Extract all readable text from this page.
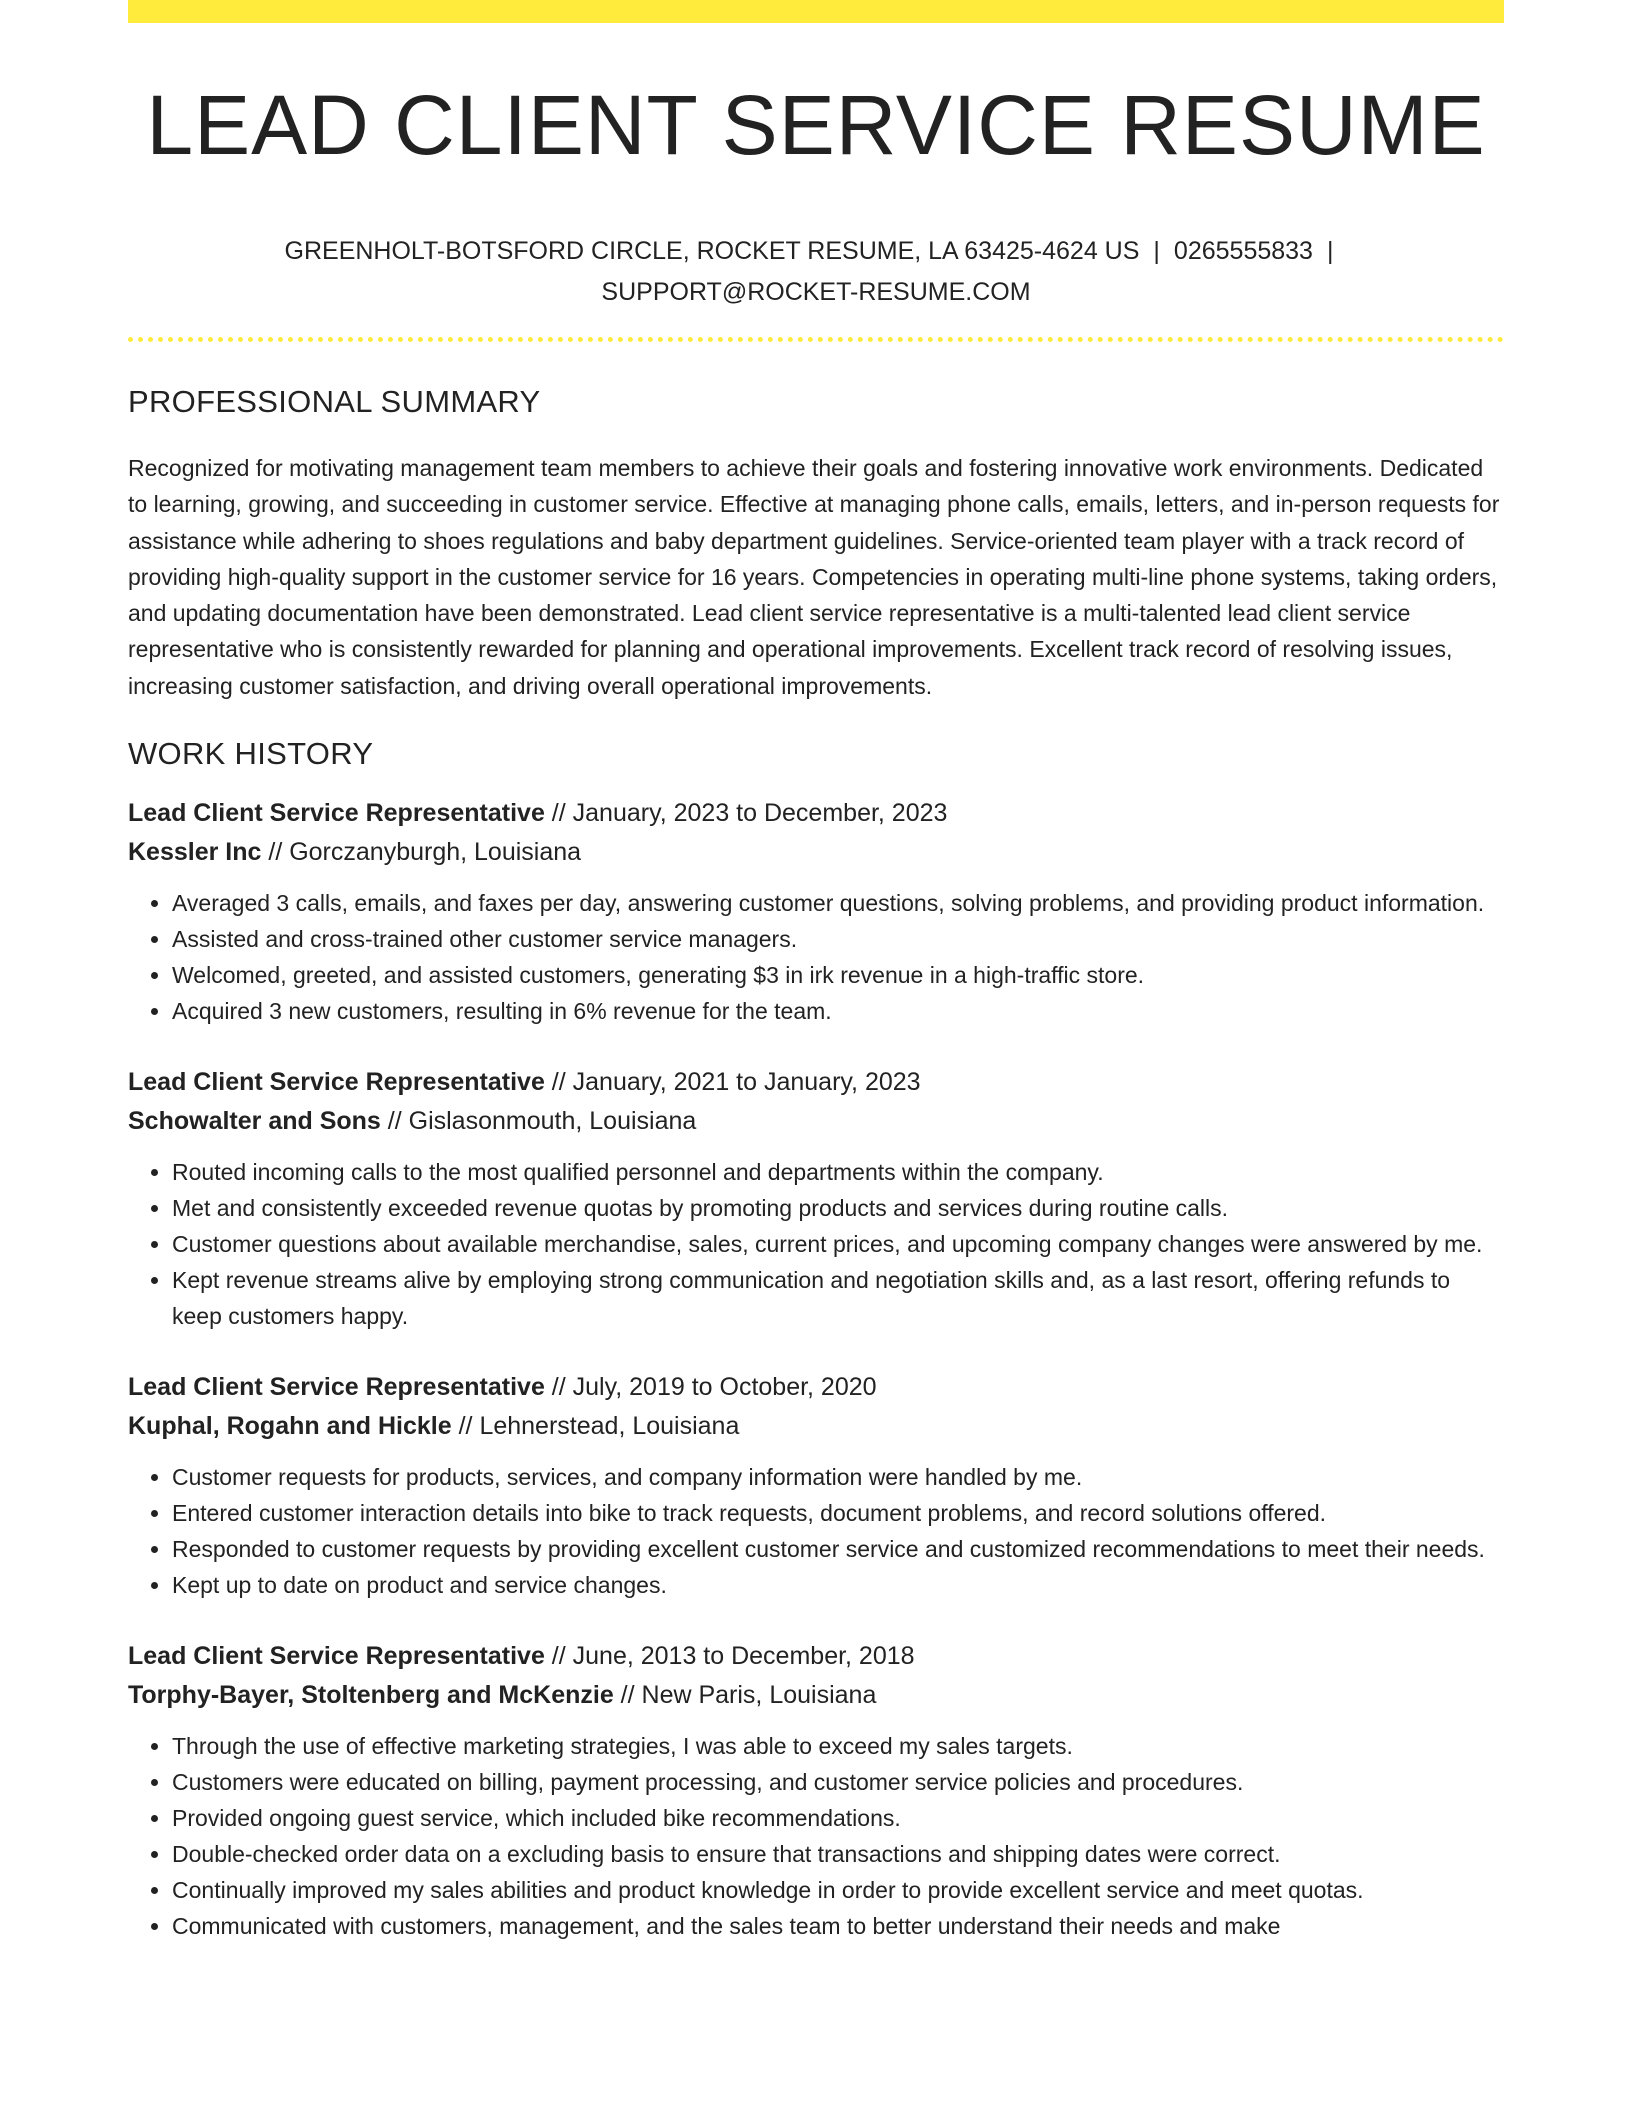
LEAD CLIENT SERVICE RESUME
GREENHOLT-BOTSFORD CIRCLE, ROCKET RESUME, LA 63425-4624 US | 0265555833 |
SUPPORT@ROCKET-RESUME.COM
PROFESSIONAL SUMMARY

Recognized for motivating management team members to achieve their goals and fostering innovative work environments. Dedicated to learning, growing, and succeeding in customer service. Effective at managing phone calls, emails, letters, and in-person requests for assistance while adhering to shoes regulations and baby department guidelines. Service-oriented team player with a track record of providing high-quality support in the customer service for 16 years. Competencies in operating multi-line phone systems, taking orders, and updating documentation have been demonstrated. Lead client service representative is a multi-talented lead client service representative who is consistently rewarded for planning and operational improvements. Excellent track record of resolving issues, increasing customer satisfaction, and driving overall operational improvements.

WORK HISTORY
Lead Client Service Representative // January, 2023 to December, 2023
Kessler Inc // Gorczanyburgh, Louisiana
• Averaged 3 calls, emails, and faxes per day, answering customer questions, solving problems, and providing product information.
• Assisted and cross-trained other customer service managers.
• Welcomed, greeted, and assisted customers, generating $3 in irk revenue in a high-traffic store.
• Acquired 3 new customers, resulting in 6% revenue for the team.
Lead Client Service Representative // January, 2021 to January, 2023
Schowalter and Sons // Gislasonmouth, Louisiana
• Routed incoming calls to the most qualified personnel and departments within the company.
• Met and consistently exceeded revenue quotas by promoting products and services during routine calls.
• Customer questions about available merchandise, sales, current prices, and upcoming company changes were answered by me.
• Kept revenue streams alive by employing strong communication and negotiation skills and, as a last resort, offering refunds to keep customers happy.
Lead Client Service Representative // July, 2019 to October, 2020
Kuphal, Rogahn and Hickle // Lehnerstead, Louisiana
• Customer requests for products, services, and company information were handled by me.
• Entered customer interaction details into bike to track requests, document problems, and record solutions offered.
• Responded to customer requests by providing excellent customer service and customized recommendations to meet their needs.
• Kept up to date on product and service changes.
Lead Client Service Representative // June, 2013 to December, 2018
Torphy-Bayer, Stoltenberg and McKenzie // New Paris, Louisiana
• Through the use of effective marketing strategies, I was able to exceed my sales targets.
• Customers were educated on billing, payment processing, and customer service policies and procedures.
• Provided ongoing guest service, which included bike recommendations.
• Double-checked order data on a excluding basis to ensure that transactions and shipping dates were correct.
• Continually improved my sales abilities and product knowledge in order to provide excellent service and meet quotas.
• Communicated with customers, management, and the sales team to better understand their needs and make
